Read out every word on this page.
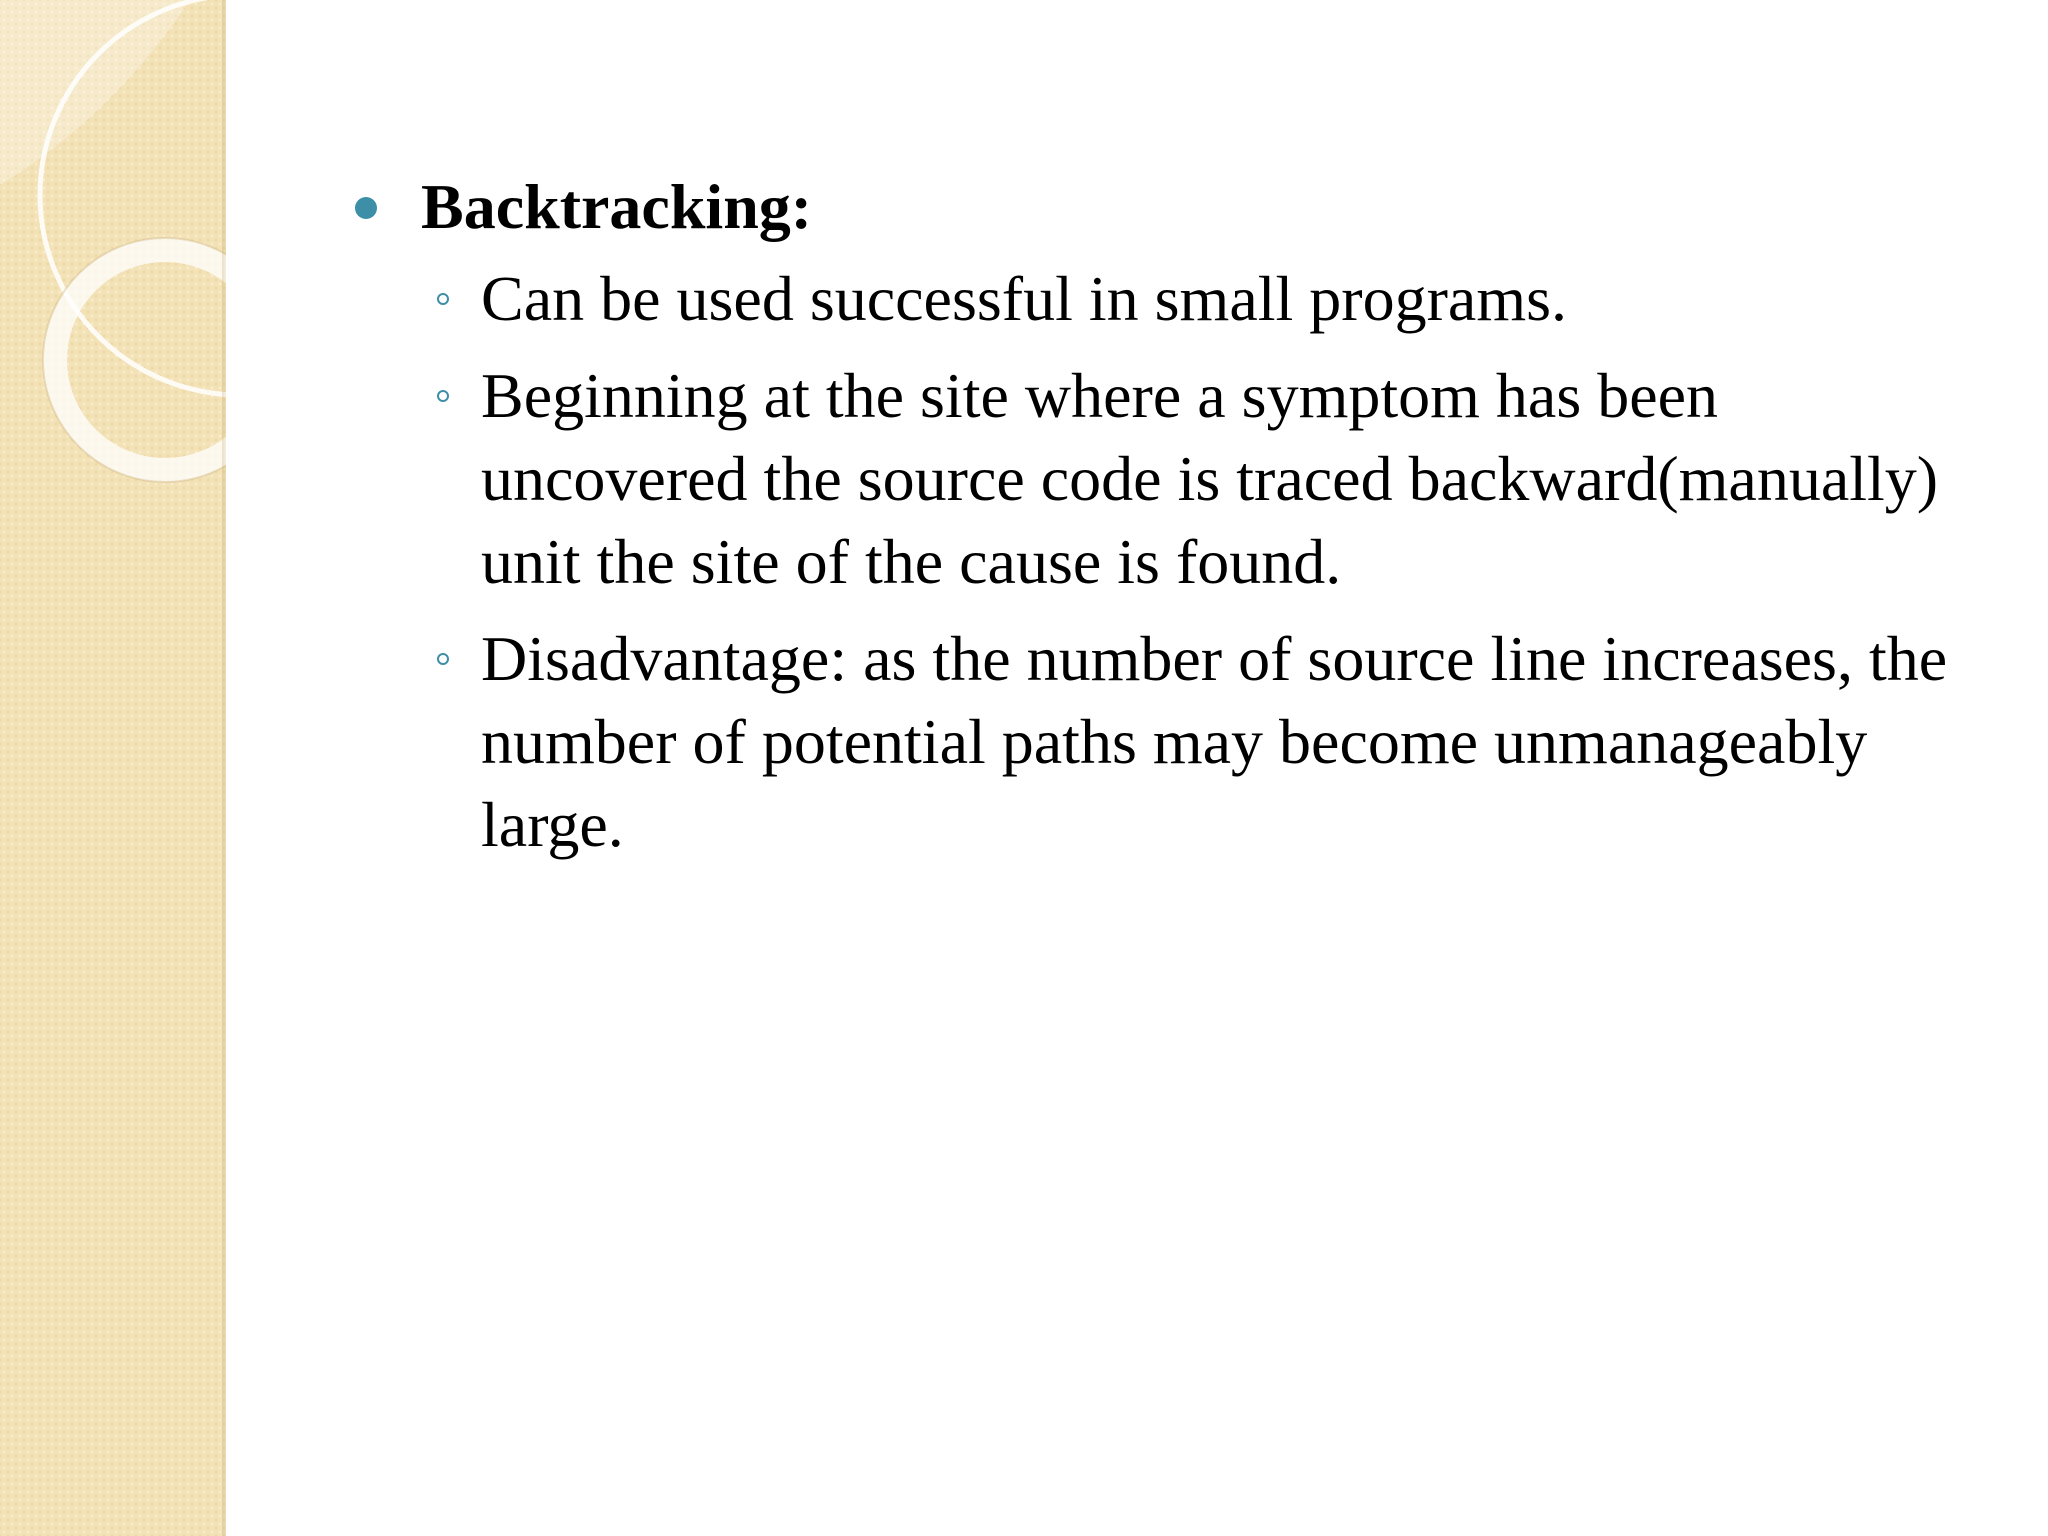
Backtracking:
Can be used successful in small programs.
Beginning at the site where a symptom has been uncovered the source code is traced backward(manually) unit the site of the cause is found.
Disadvantage: as the number of source line increases, the number of potential paths may become unmanageably large.
